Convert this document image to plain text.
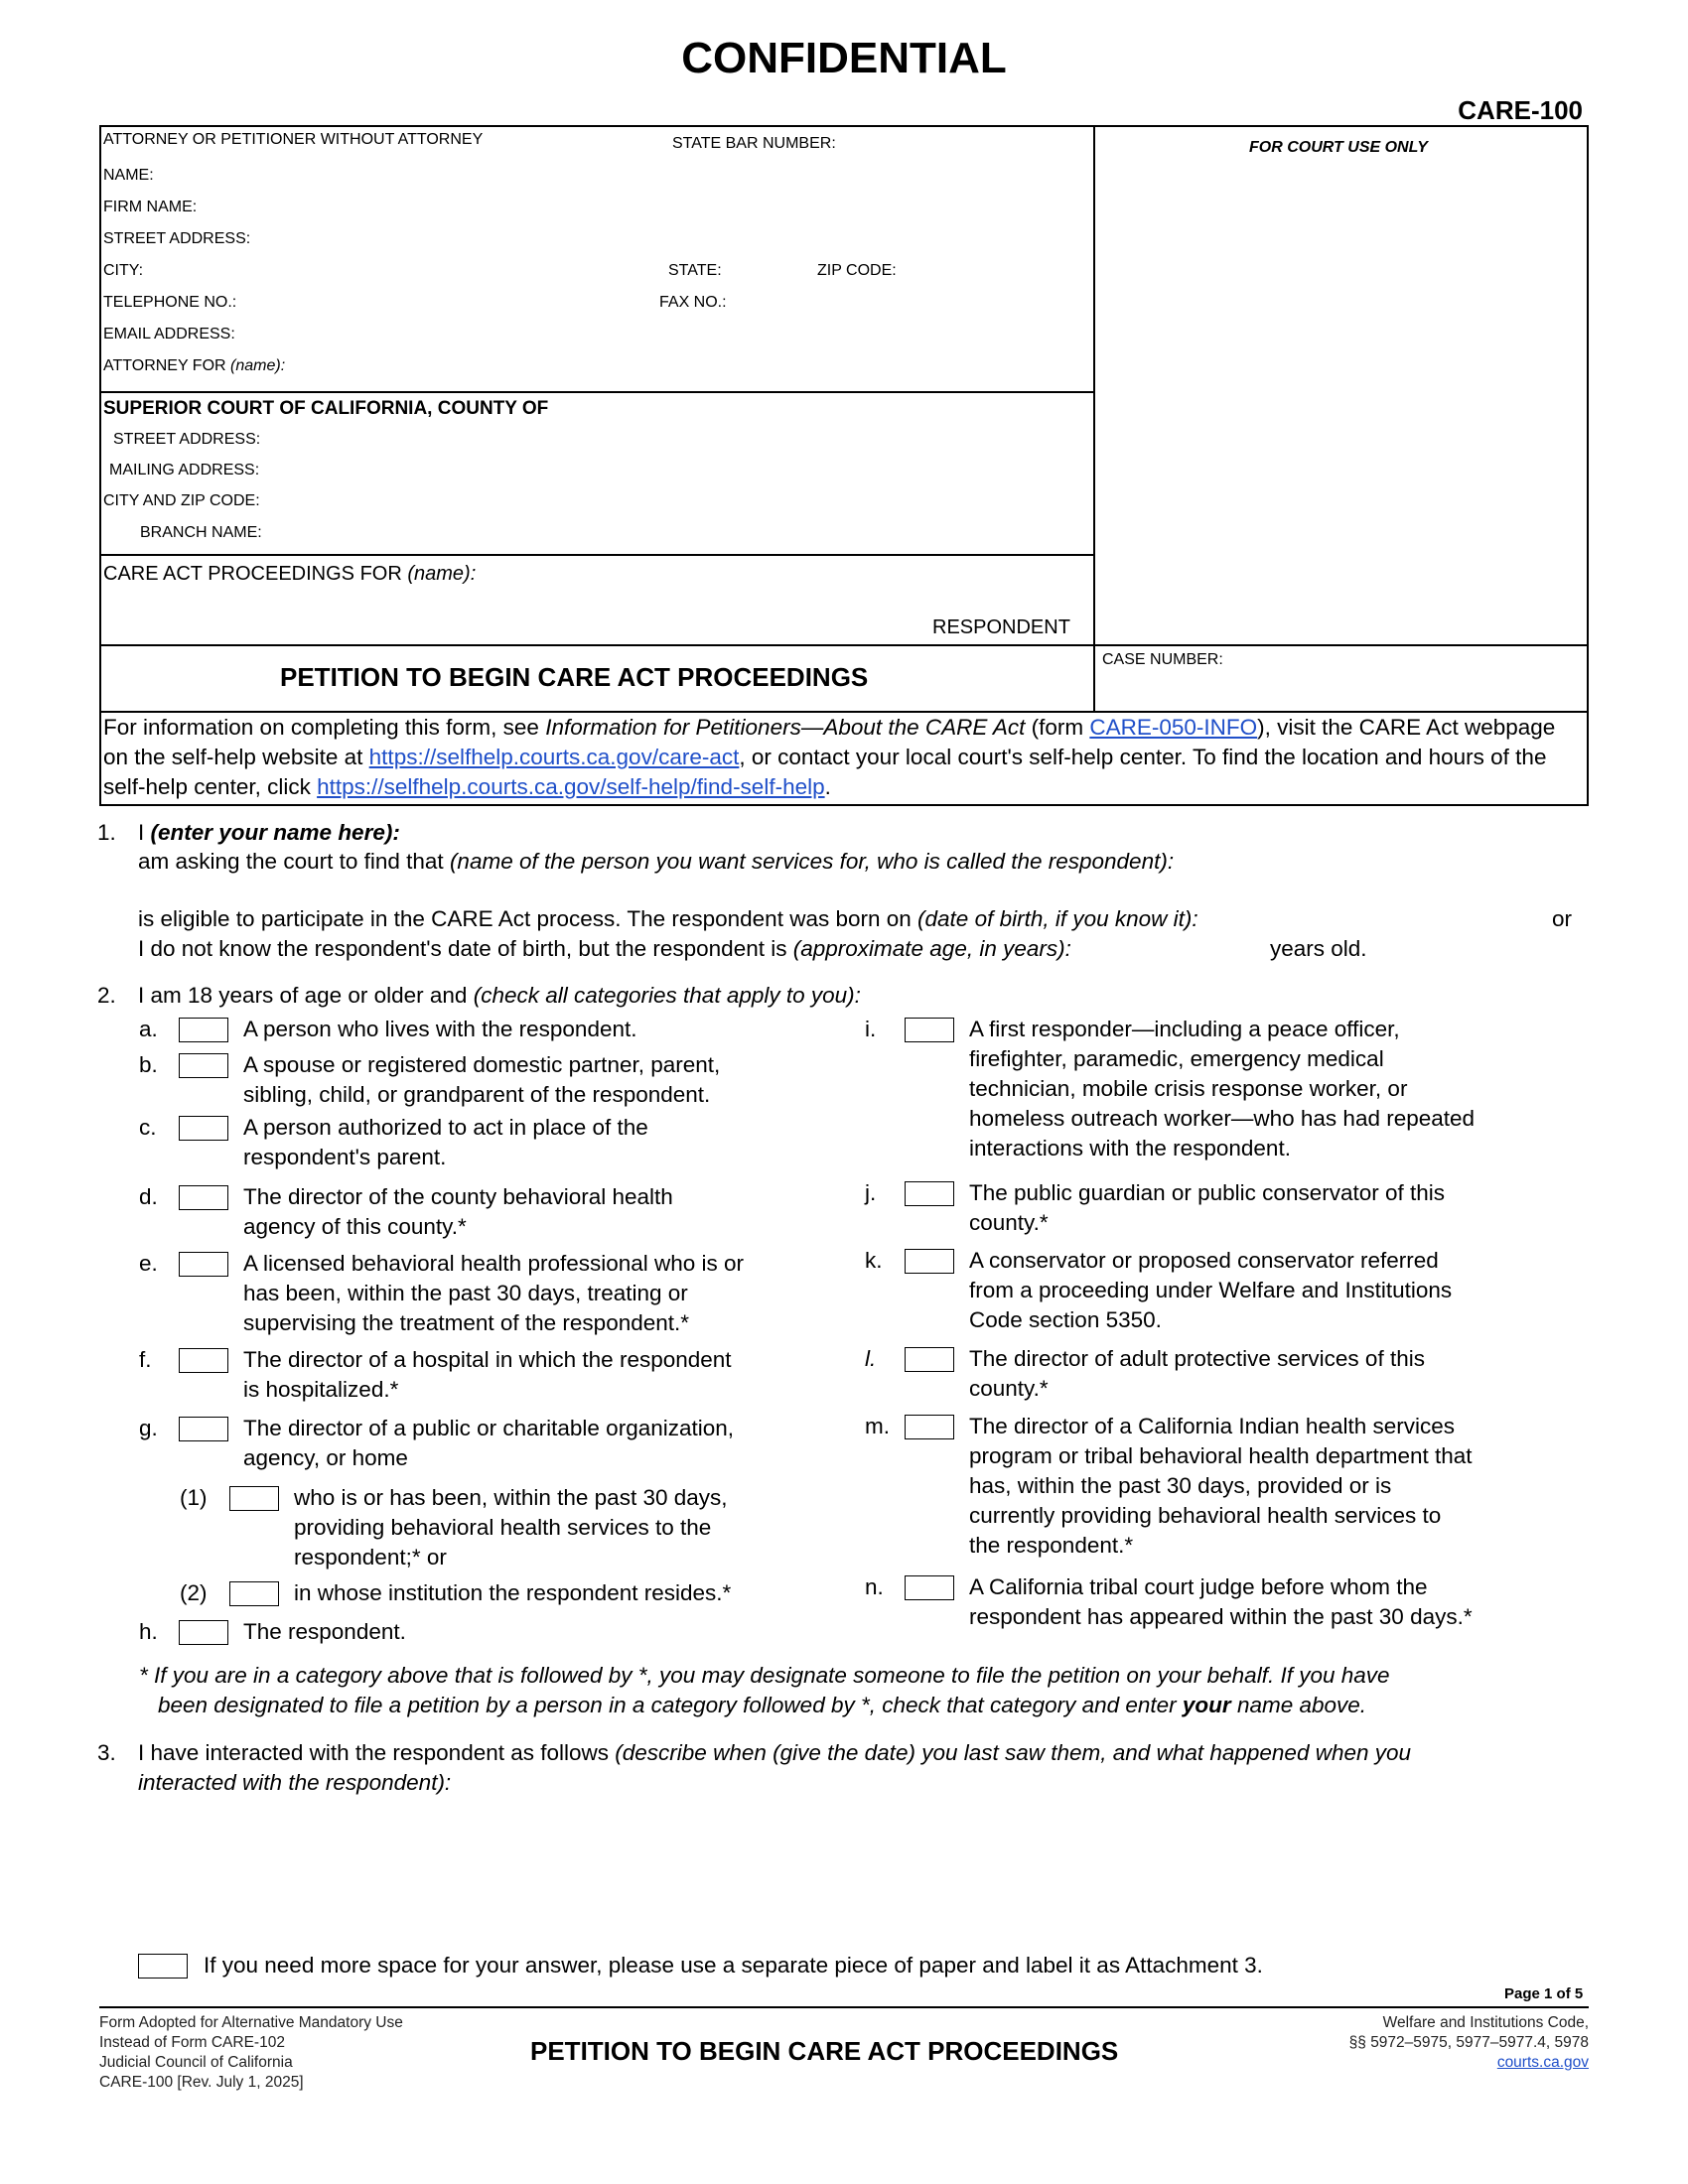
CONFIDENTIAL
CARE-100
ATTORNEY OR PETITIONER WITHOUT ATTORNEY	STATE BAR NUMBER:	FOR COURT USE ONLY
NAME:
FIRM NAME:
STREET ADDRESS:
CITY:	STATE:	ZIP CODE:
TELEPHONE NO.:	FAX NO.:
EMAIL ADDRESS:
ATTORNEY FOR (name):
SUPERIOR COURT OF CALIFORNIA, COUNTY OF
STREET ADDRESS:
MAILING ADDRESS:
CITY AND ZIP CODE:
BRANCH NAME:
CARE ACT PROCEEDINGS FOR (name):
RESPONDENT
PETITION TO BEGIN CARE ACT PROCEEDINGS
CASE NUMBER:
For information on completing this form, see Information for Petitioners—About the CARE Act (form CARE-050-INFO), visit the CARE Act webpage on the self-help website at https://selfhelp.courts.ca.gov/care-act, or contact your local court's self-help center. To find the location and hours of the self-help center, click https://selfhelp.courts.ca.gov/self-help/find-self-help.
1. I (enter your name here):
am asking the court to find that (name of the person you want services for, who is called the respondent):
is eligible to participate in the CARE Act process. The respondent was born on (date of birth, if you know it):	or
I do not know the respondent's date of birth, but the respondent is (approximate age, in years):	years old.
2. I am 18 years of age or older and (check all categories that apply to you):
a.	A person who lives with the respondent.
b.	A spouse or registered domestic partner, parent,
sibling, child, or grandparent of the respondent.
c.	A person authorized to act in place of the
respondent's parent.
d.	The director of the county behavioral health
agency of this county.*
e.	A licensed behavioral health professional who is or
has been, within the past 30 days, treating or
supervising the treatment of the respondent.*
f.	The director of a hospital in which the respondent
is hospitalized.*
g.	The director of a public or charitable organization,
agency, or home
(1)	who is or has been, within the past 30 days,
providing behavioral health services to the
respondent;* or
(2)	in whose institution the respondent resides.*
h.	The respondent.
i.	A first responder—including a peace officer,
firefighter, paramedic, emergency medical
technician, mobile crisis response worker, or
homeless outreach worker—who has had repeated
interactions with the respondent.
j.	The public guardian or public conservator of this
county.*
k.	A conservator or proposed conservator referred
from a proceeding under Welfare and Institutions
Code section 5350.
l.	The director of adult protective services of this
county.*
m.	The director of a California Indian health services
program or tribal behavioral health department that
has, within the past 30 days, provided or is
currently providing behavioral health services to
the respondent.*
n.	A California tribal court judge before whom the
respondent has appeared within the past 30 days.*
* If you are in a category above that is followed by *, you may designate someone to file the petition on your behalf. If you have
been designated to file a petition by a person in a category followed by *, check that category and enter your name above.
3. I have interacted with the respondent as follows (describe when (give the date) you last saw them, and what happened when you
interacted with the respondent):
If you need more space for your answer, please use a separate piece of paper and label it as Attachment 3.
Page 1 of 5
Form Adopted for Alternative Mandatory Use
Instead of Form CARE-102
Judicial Council of California
CARE-100 [Rev. July 1, 2025]
PETITION TO BEGIN CARE ACT PROCEEDINGS
Welfare and Institutions Code,
§§ 5972–5975, 5977–5977.4, 5978
courts.ca.gov
